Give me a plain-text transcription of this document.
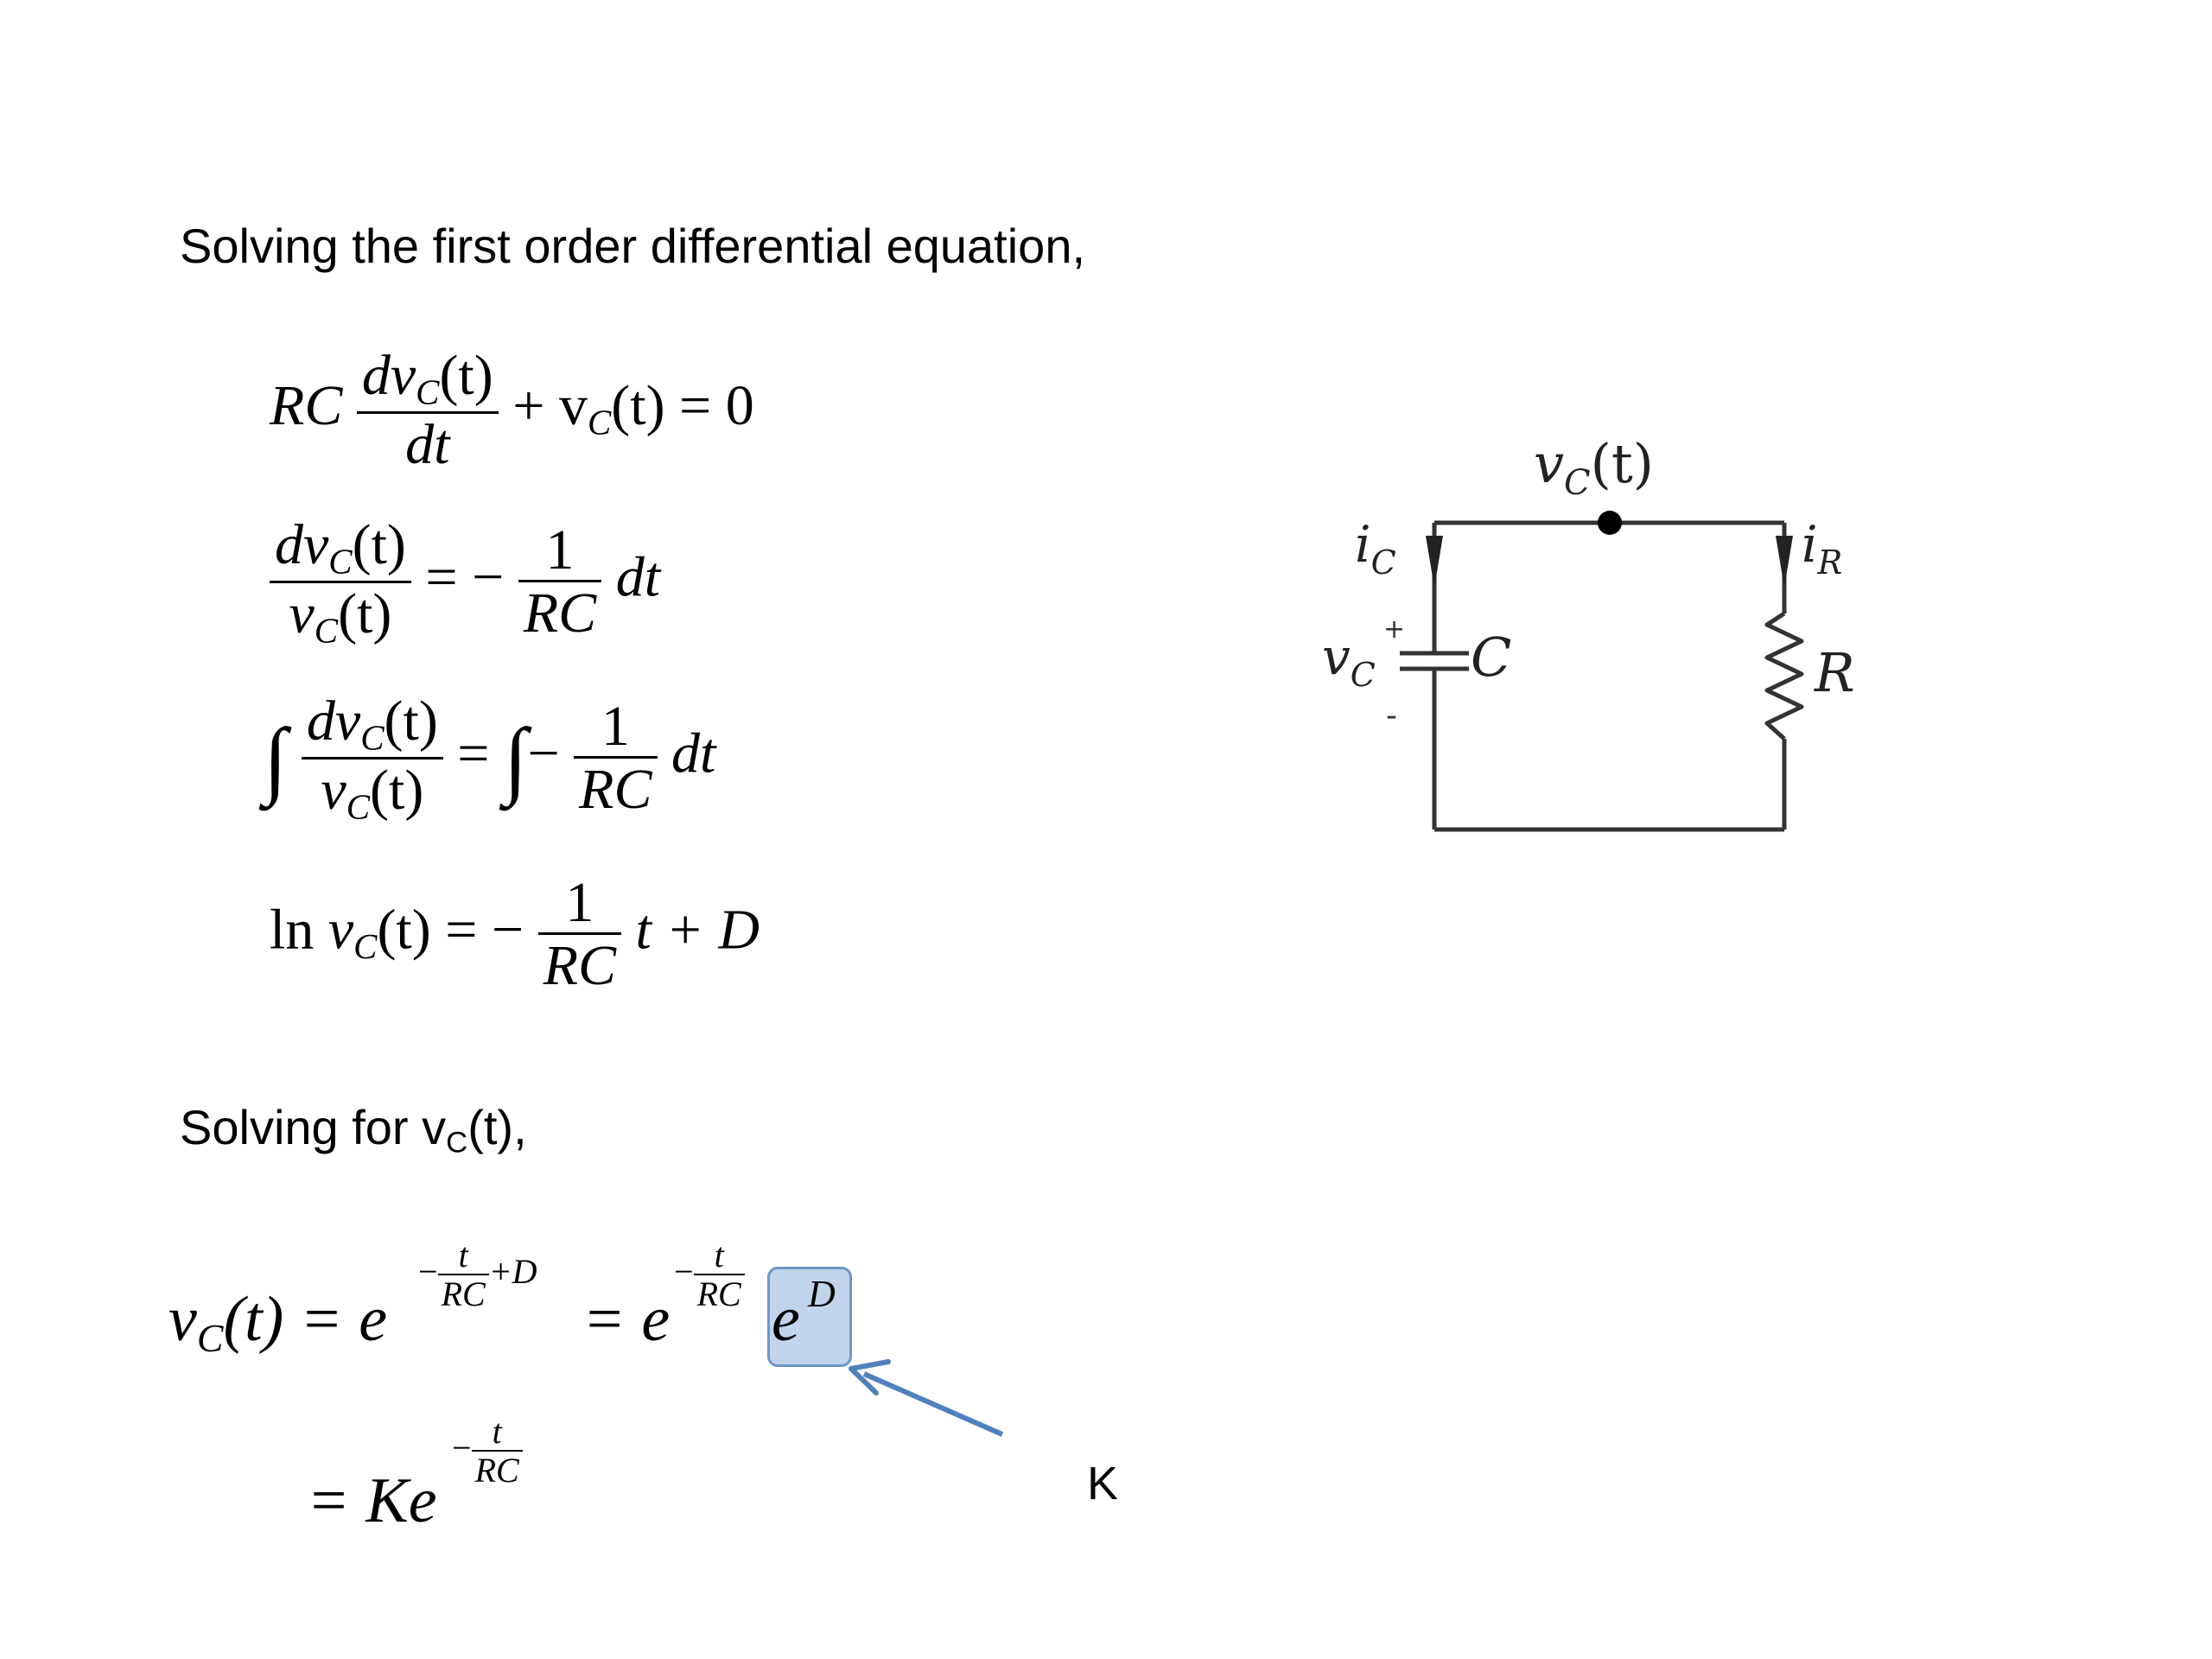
Solving the first order differential equation,
RC $\frac{dv_C(t)}{dt} + v_C(t) = 0$
$\frac{dv_C(t)}{v_C(t)}$ = − $\frac{1}{RC}$ dt
∫ $\frac{dv_C(t)}{v_C(t)}$ = ∫− $\frac{1}{RC}$ dt
$\ln v_C(t)$ = − $\frac{1}{RC}$ t + D
Solving for $v_C(t)$,
$v_C(t) = e$
− $\frac{t}{RC} +D$
= e
− $\frac{t}{RC}$
e D
= Ke
− $\frac{t}{RC}$	K
$v_C(t)$
$i_C$	$i_R$
$v_C$ C	R
+
-
